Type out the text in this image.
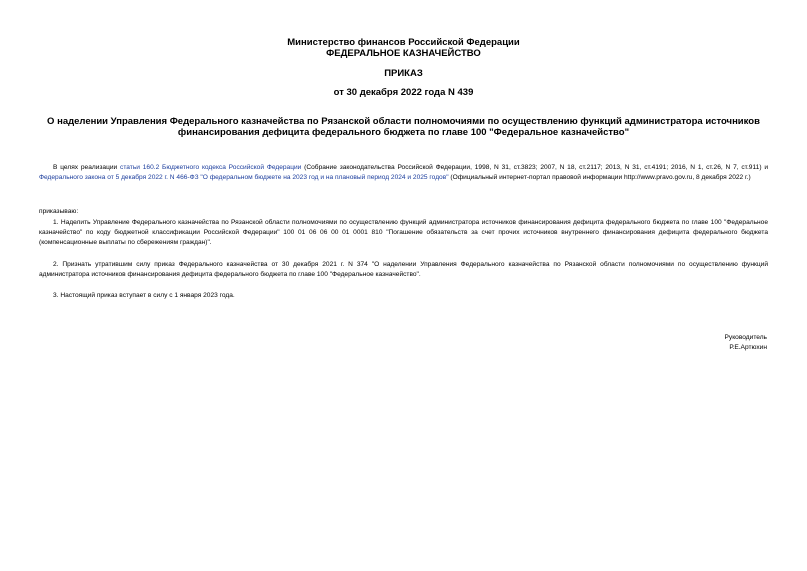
Министерство финансов Российской Федерации
ФЕДЕРАЛЬНОЕ КАЗНАЧЕЙСТВО
ПРИКАЗ
от 30 декабря 2022 года N 439
О наделении Управления Федерального казначейства по Рязанской области полномочиями по осуществлению функций администратора источников финансирования дефицита федерального бюджета по главе 100 "Федеральное казначейство"
В целях реализации статьи 160.2 Бюджетного кодекса Российской Федерации (Собрание законодательства Российской Федерации, 1998, N 31, ст.3823; 2007, N 18, ст.2117; 2013, N 31, ст.4191; 2016, N 1, ст.26, N 7, ст.911) и Федерального закона от 5 декабря 2022 г. N 466-ФЗ "О федеральном бюджете на 2023 год и на плановый период 2024 и 2025 годов" (Официальный интернет-портал правовой информации http://www.pravo.gov.ru, 8 декабря 2022 г.)
приказываю:
1. Наделить Управление Федерального казначейства по Рязанской области полномочиями по осуществлению функций администратора источников финансирования дефицита федерального бюджета по главе 100 "Федеральное казначейство" по коду бюджетной классификации Российской Федерации" 100 01 06 06 00 01 0001 810 "Погашение обязательств за счет прочих источников внутреннего финансирования дефицита федерального бюджета (компенсационные выплаты по сбережениям граждан)".
2. Признать утратившим силу приказ Федерального казначейства от 30 декабря 2021 г. N 374 "О наделении Управления Федерального казначейства по Рязанской области полномочиями по осуществлению функций администратора источников финансирования дефицита федерального бюджета по главе 100 "Федеральное казначейство".
3. Настоящий приказ вступает в силу с 1 января 2023 года.
Руководитель
Р.Е.Артюхин
